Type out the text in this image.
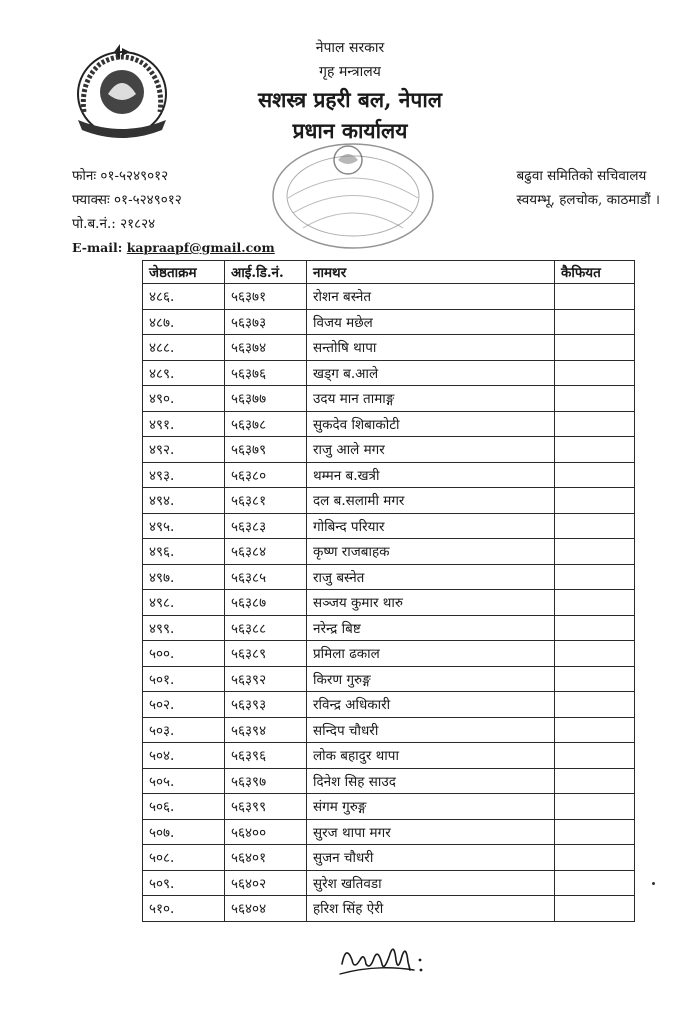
नेपाल सरकार
गृह मन्त्रालय
सशस्त्र प्रहरी बल, नेपाल
प्रधान कार्यालय
फोनः ०१-५२४९०१२
फ्याक्सः ०१-५२४९०१२
पो.ब.नं.: २१८२४
E-mail: kapraapf@gmail.com
बढुवा समितिको सचिवालय
स्वयम्भू, हलचोक, काठमाडौं ।
जेष्ठताक्रम	आई.डि.नं.	नामथर	कैफियत
४८६.	५६३७१	रोशन बस्नेत	
४८७.	५६३७३	विजय मछेल	
४८८.	५६३७४	सन्तोषि थापा	
४८९.	५६३७६	खड्ग ब.आले	
४९०.	५६३७७	उदय मान तामाङ्ग	
४९१.	५६३७८	सुकदेव शिबाकोटी	
४९२.	५६३७९	राजु आले मगर	
४९३.	५६३८०	थम्मन ब.खत्री	
४९४.	५६३८१	दल ब.सलामी मगर	
४९५.	५६३८३	गोबिन्द परियार	
४९६.	५६३८४	कृष्ण राजबाहक	
४९७.	५६३८५	राजु बस्नेत	
४९८.	५६३८७	सञ्जय कुमार थारु	
४९९.	५६३८८	नरेन्द्र बिष्ट	
५००.	५६३८९	प्रमिला ढकाल	
५०१.	५६३९२	किरण गुरुङ्ग	
५०२.	५६३९३	रविन्द्र अधिकारी	
५०३.	५६३९४	सन्दिप चौधरी	
५०४.	५६३९६	लोक बहादुर थापा	
५०५.	५६३९७	दिनेश सिह साउद	
५०६.	५६३९९	संगम गुरुङ्ग	
५०७.	५६४००	सुरज थापा मगर	
५०८.	५६४०१	सुजन चौधरी	
५०९.	५६४०२	सुरेश खतिवडा	
५१०.	५६४०४	हरिश सिंह ऐरी	
